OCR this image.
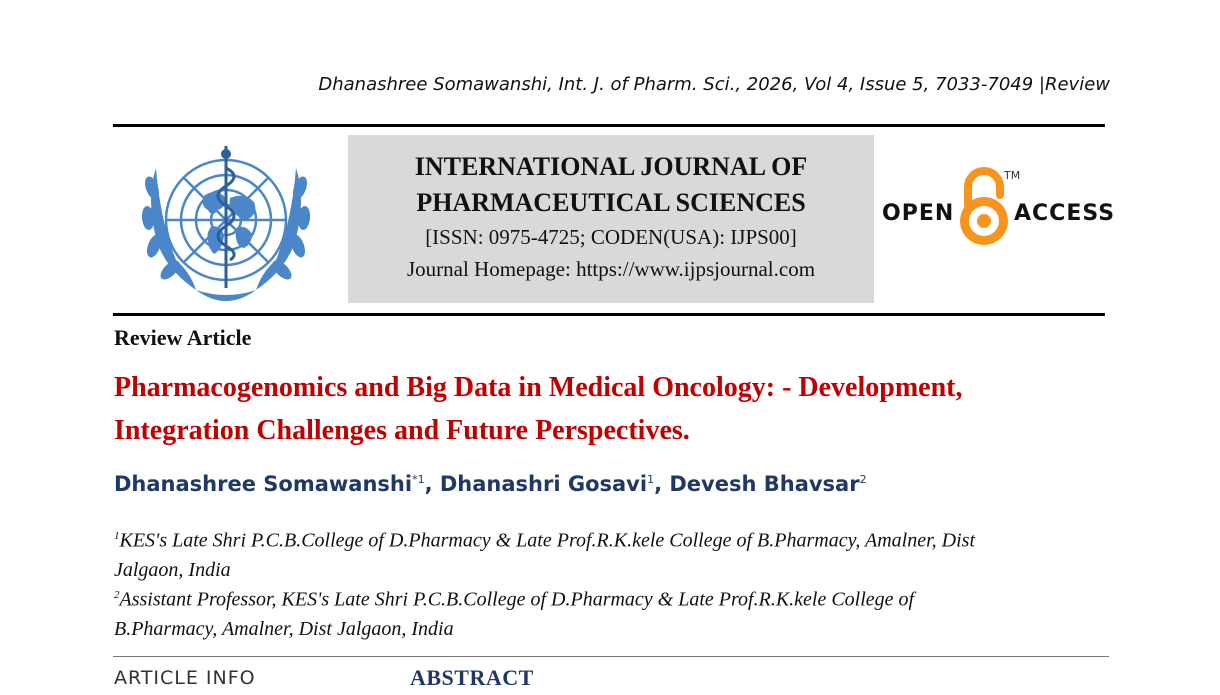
Dhanashree Somawanshi, Int. J. of Pharm. Sci., 2026, Vol 4, Issue 5, 7033-7049 |Review
INTERNATIONAL JOURNAL OF
PHARMACEUTICAL SCIENCES
[ISSN: 0975-4725; CODEN(USA): IJPS00]
Journal Homepage: https://www.ijpsjournal.com
OPEN
TM
ACCESS
Review Article
Pharmacogenomics and Big Data in Medical Oncology: - Development,
Integration Challenges and Future Perspectives.
Dhanashree Somawanshi$^{*1}$, Dhanashri Gosavi$^1$, Devesh Bhavsar$^2$
$^1$KES's Late Shri P.C.B.College of D.Pharmacy & Late Prof.R.K.kele College of B.Pharmacy, Amalner, Dist
Jalgaon, India
$^2$Assistant Professor, KES's Late Shri P.C.B.College of D.Pharmacy & Late Prof.R.K.kele College of
B.Pharmacy, Amalner, Dist Jalgaon, India
ARTICLE INFO	ABSTRACT
